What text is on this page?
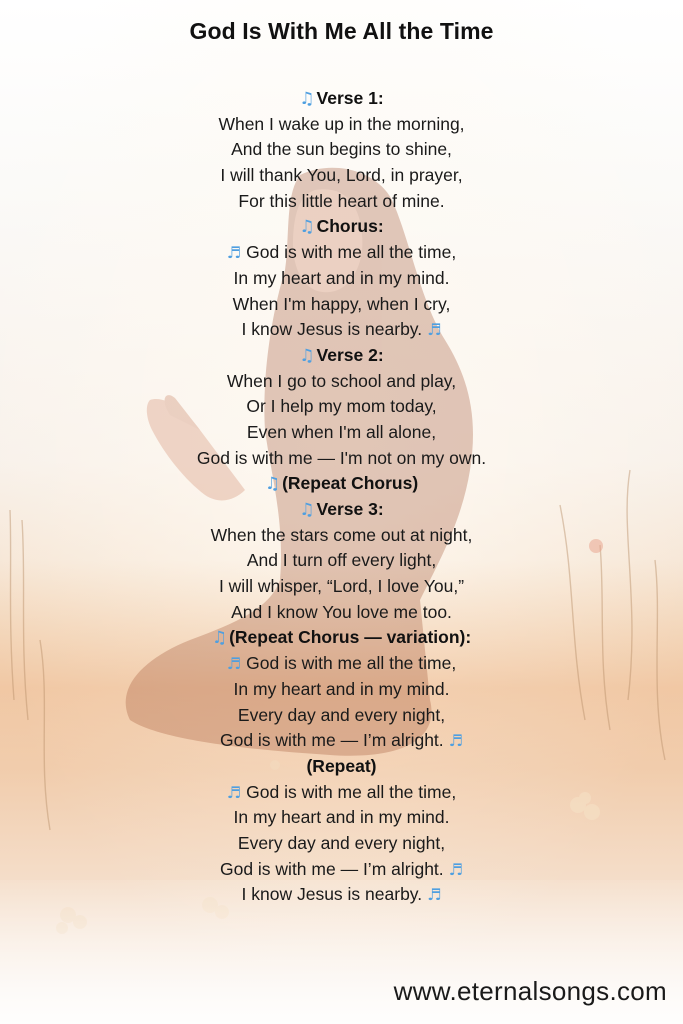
God Is With Me All the Time
♫ Verse 1:
When I wake up in the morning,
And the sun begins to shine,
I will thank You, Lord, in prayer,
For this little heart of mine.
♫ Chorus:
♬ God is with me all the time,
In my heart and in my mind.
When I'm happy, when I cry,
I know Jesus is nearby. ♬
♫ Verse 2:
When I go to school and play,
Or I help my mom today,
Even when I'm all alone,
God is with me — I'm not on my own.
♫ (Repeat Chorus)
♫ Verse 3:
When the stars come out at night,
And I turn off every light,
I will whisper, “Lord, I love You,”
And I know You love me too.
♫ (Repeat Chorus — variation):
♬ God is with me all the time,
In my heart and in my mind.
Every day and every night,
God is with me — I’m alright. ♬
(Repeat)
♬ God is with me all the time,
In my heart and in my mind.
Every day and every night,
God is with me — I’m alright. ♬
I know Jesus is nearby. ♬
www.eternalsongs.com
